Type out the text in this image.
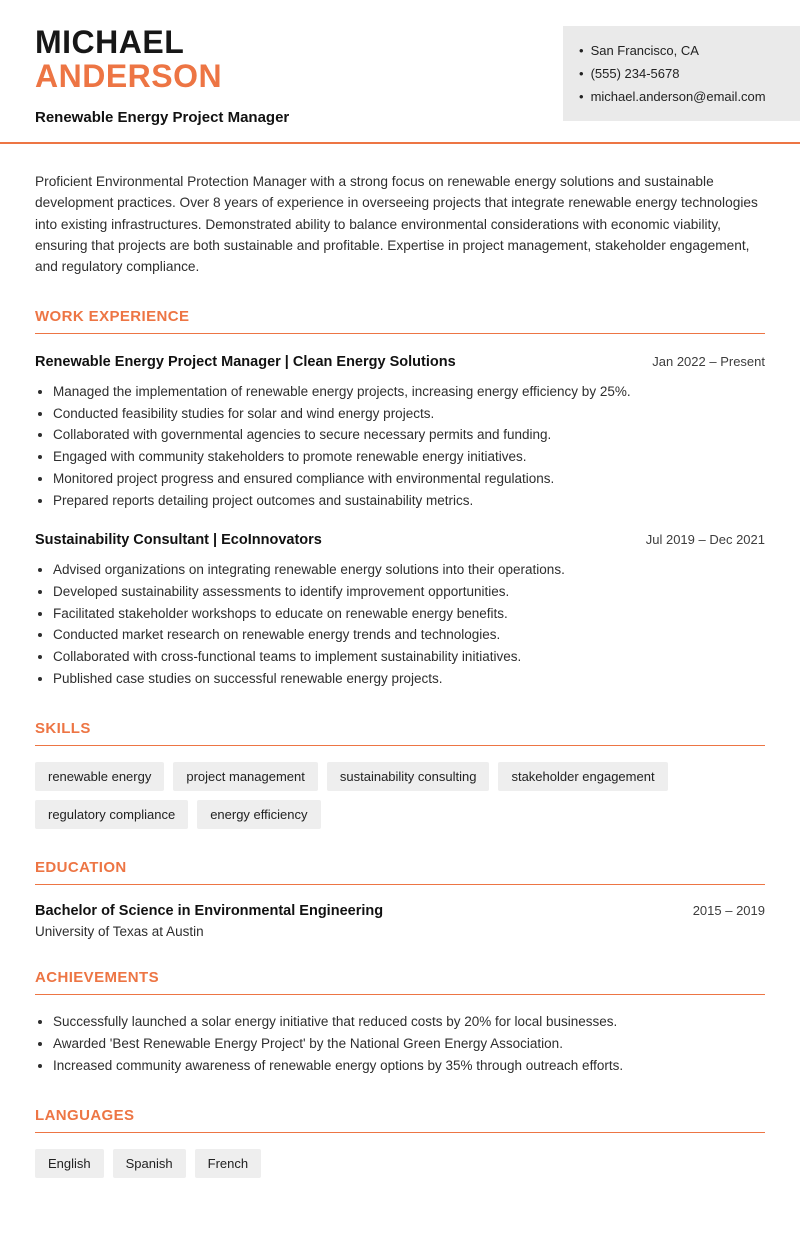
MICHAEL
ANDERSON
Renewable Energy Project Manager
• San Francisco, CA
• (555) 234-5678
• michael.anderson@email.com

Proficient Environmental Protection Manager with a strong focus on renewable energy solutions and sustainable development practices. Over 8 years of experience in overseeing projects that integrate renewable energy technologies into existing infrastructures. Demonstrated ability to balance environmental considerations with economic viability, ensuring that projects are both sustainable and profitable. Expertise in project management, stakeholder engagement, and regulatory compliance.

WORK EXPERIENCE
Renewable Energy Project Manager | Clean Energy Solutions	Jan 2022 – Present
• Managed the implementation of renewable energy projects, increasing energy efficiency by 25%.
• Conducted feasibility studies for solar and wind energy projects.
• Collaborated with governmental agencies to secure necessary permits and funding.
• Engaged with community stakeholders to promote renewable energy initiatives.
• Monitored project progress and ensured compliance with environmental regulations.
• Prepared reports detailing project outcomes and sustainability metrics.
Sustainability Consultant | EcoInnovators	Jul 2019 – Dec 2021
• Advised organizations on integrating renewable energy solutions into their operations.
• Developed sustainability assessments to identify improvement opportunities.
• Facilitated stakeholder workshops to educate on renewable energy benefits.
• Conducted market research on renewable energy trends and technologies.
• Collaborated with cross-functional teams to implement sustainability initiatives.
• Published case studies on successful renewable energy projects.
SKILLS
renewable energy	project management	sustainability consulting	stakeholder engagement
regulatory compliance	energy efficiency
EDUCATION
Bachelor of Science in Environmental Engineering	2015 – 2019
University of Texas at Austin
ACHIEVEMENTS
• Successfully launched a solar energy initiative that reduced costs by 20% for local businesses.
• Awarded 'Best Renewable Energy Project' by the National Green Energy Association.
• Increased community awareness of renewable energy options by 35% through outreach efforts.
LANGUAGES
English	Spanish	French
